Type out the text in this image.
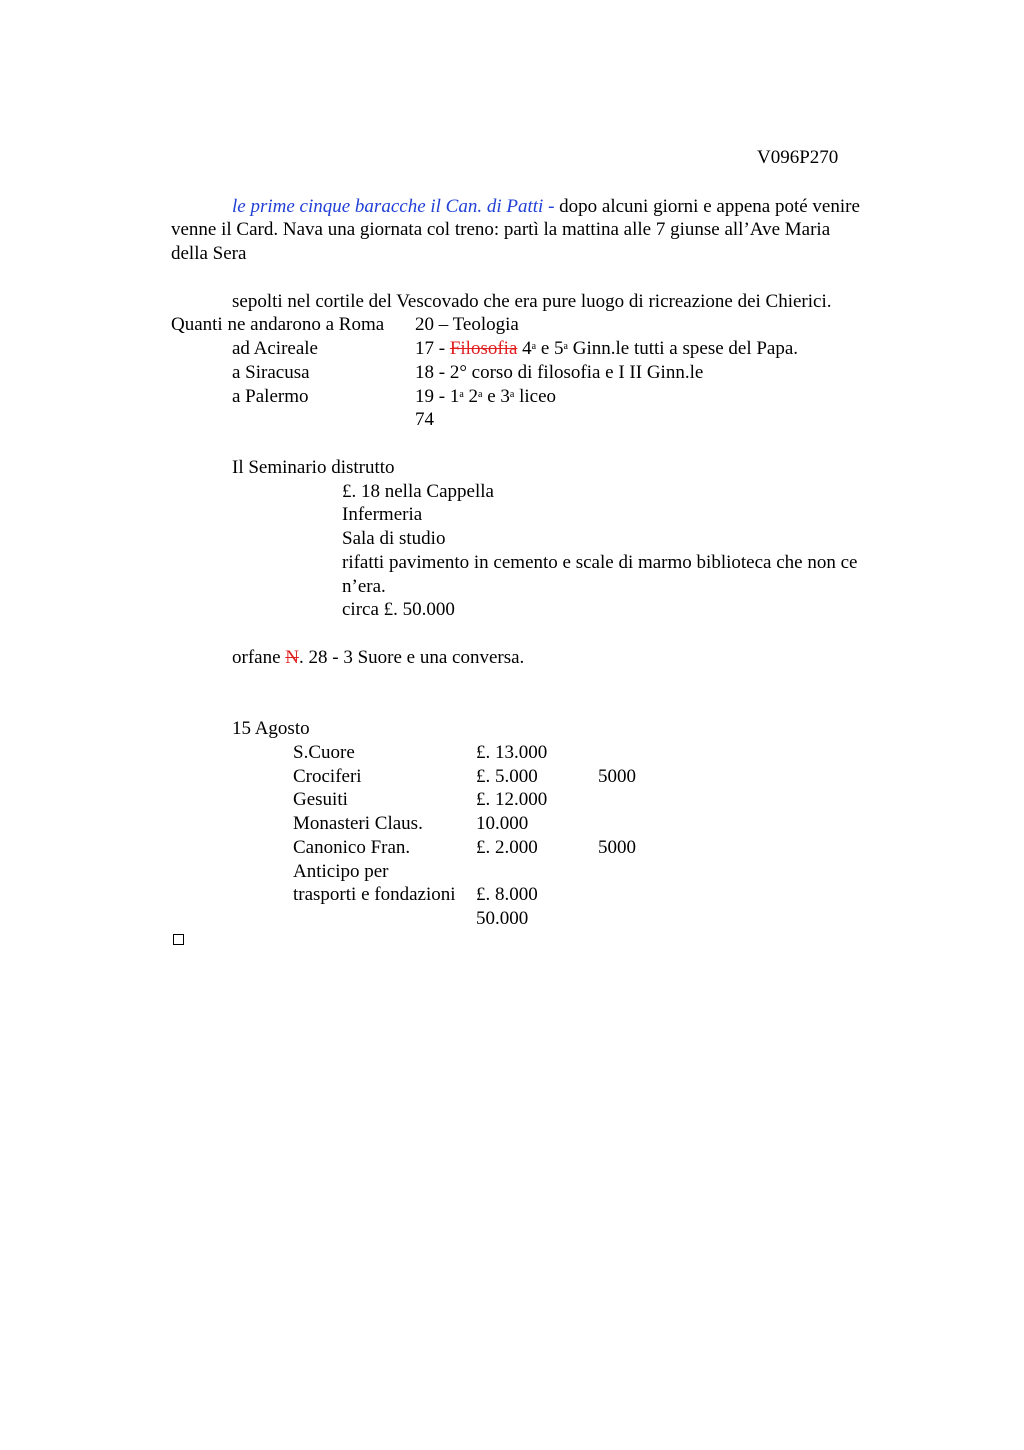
V096P270
le prime cinque baracche il Can. di Patti - dopo alcuni giorni e appena poté venire
venne il Card. Nava una giornata col treno: partì la mattina alle 7 giunse all’Ave Maria
della Sera
sepolti nel cortile del Vescovado che era pure luogo di ricreazione dei Chierici.
Quanti ne andarono a Roma 20 – Teologia
ad Acireale	17 - Filosofia 4$^a$ e 5$^a$ Ginn.le tutti a spese del Papa.
a Siracusa	18 - 2° corso di filosofia e I II Ginn.le
a Palermo	19 - 1$^a$ 2$^a$ e 3$^a$ liceo
74
Il Seminario distrutto
£. 18 nella Cappella
Infermeria
Sala di studio
rifatti pavimento in cemento e scale di marmo biblioteca che non ce
n’era.
circa £. 50.000
orfane N. 28 - 3 Suore e una conversa.
15 Agosto
S.Cuore	£. 13.000
Crociferi	£. 5.000	5000
Gesuiti	£. 12.000
Monasteri Claus.	10.000
Canonico Fran.	£. 2.000	5000
Anticipo per
trasporti e fondazioni £. 8.000
50.000
